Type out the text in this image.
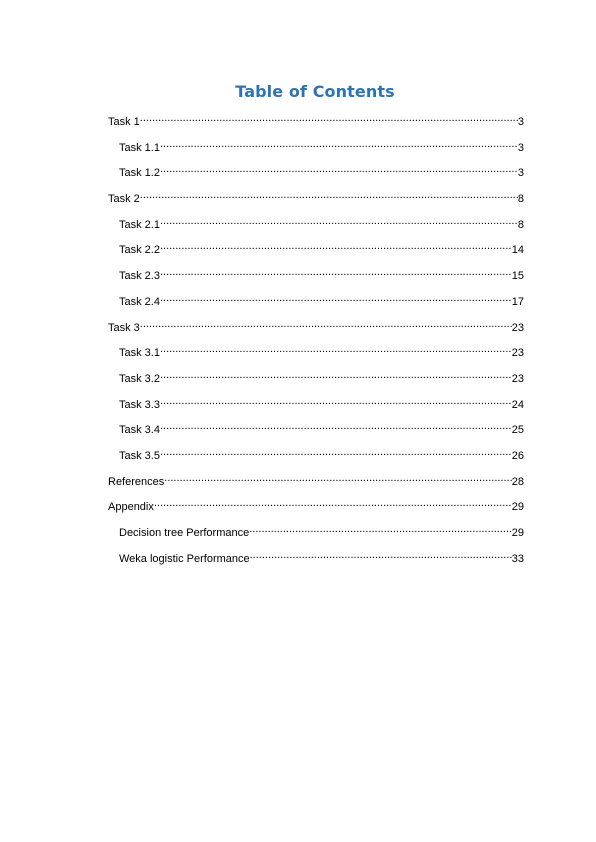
Table of Contents
Task 1 .....	3
Task 1.1 .....	3
Task 1.2 .....	3
Task 2 .....	8
Task 2.1 .....	8
Task 2.2 .....	14
Task 2.3 .....	15
Task 2.4 .....	17
Task 3 .....	23
Task 3.1 .....	23
Task 3.2 .....	23
Task 3.3 .....	24
Task 3.4 .....	25
Task 3.5 .....	26
References .....	28
Appendix .....	29
Decision tree Performance .....	29
Weka logistic Performance .....	33
